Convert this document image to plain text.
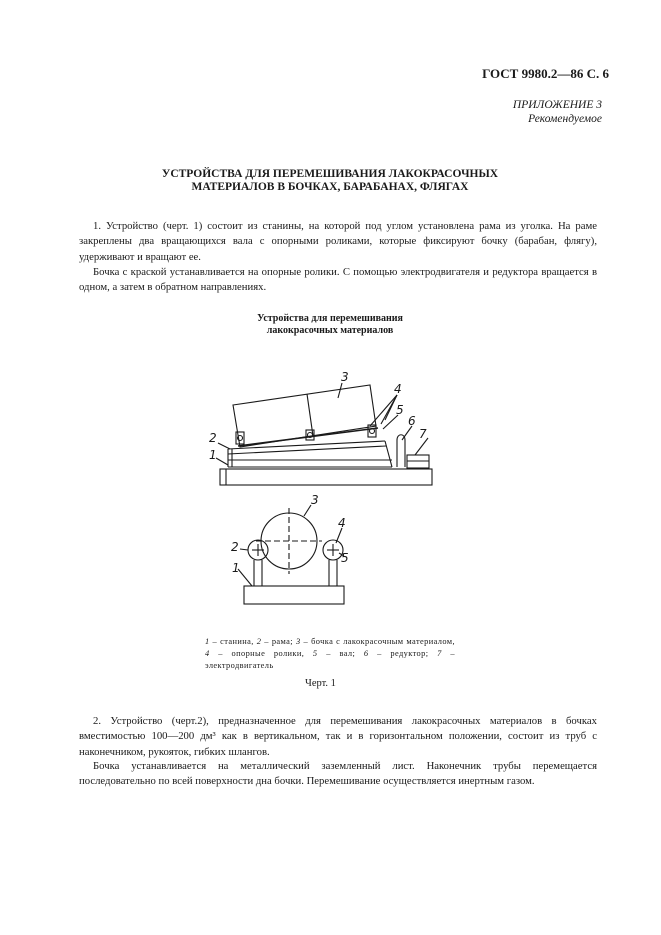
ГОСТ 9980.2—86 С. 6
ПРИЛОЖЕНИЕ 3
Рекомендуемое
УСТРОЙСТВА ДЛЯ ПЕРЕМЕШИВАНИЯ ЛАКОКРАСОЧНЫХ
МАТЕРИАЛОВ В БОЧКАХ, БАРАБАНАХ, ФЛЯГАХ

1. Устройство (черт. 1) состоит из станины, на которой под углом установлена рама из уголка. На раме закреплены два вращающихся вала с опорными роликами, которые фиксируют бочку (барабан, флягу), удерживают и вращают ее.

Бочка с краской устанавливается на опорные ролики. С помощью электродвигателя и редуктора вращается в одном, а затем в обратном направлениях.

Устройства для перемешивания
лакокрасочных материалов
3
4
5
6
7
2
1
3
4
5
2
1
1 – станина, 2 – рама; 3 – бочка с лакокрасочным материалом, 4 – опорные ролики, 5 – вал; 6 – редуктор; 7 – электродвигатель
Черт. 1

2. Устройство (черт.2), предназначенное для перемешивания лакокрасочных материалов в бочках вместимостью 100—200 дм³ как в вертикальном, так и в горизонтальном положении, состоит из труб с наконечником, рукояток, гибких шлангов.

Бочка устанавливается на металлический заземленный лист. Наконечник трубы перемещается последовательно по всей поверхности дна бочки. Перемешивание осуществляется инертным газом.
